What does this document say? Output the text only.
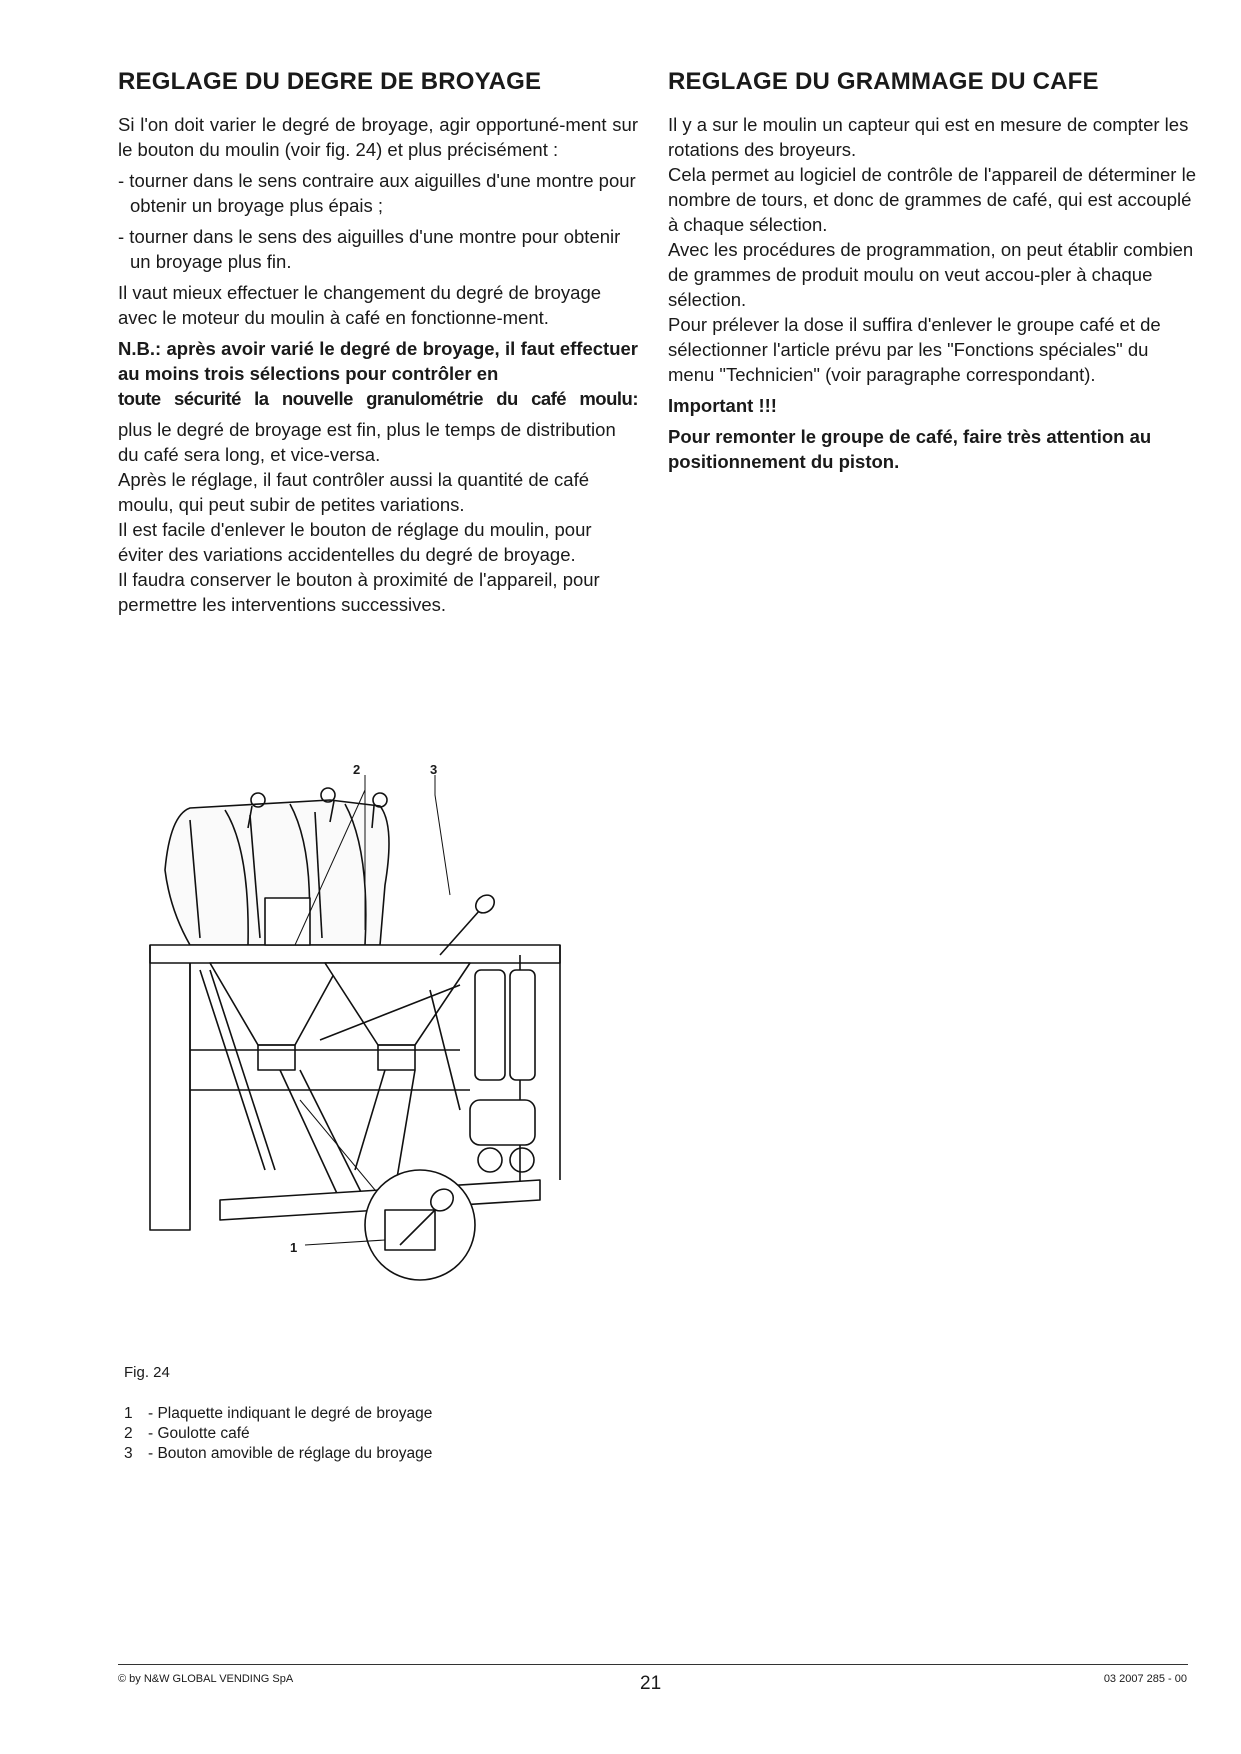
REGLAGE DU DEGRE DE BROYAGE

Si l'on doit varier le degré de broyage, agir opportuné-ment sur le bouton du moulin (voir fig. 24) et plus précisément :

- tourner dans le sens contraire aux aiguilles d'une montre pour obtenir un broyage plus épais ;

- tourner dans le sens des aiguilles d'une montre pour obtenir un broyage plus fin.

Il vaut mieux effectuer le changement du degré de broyage avec le moteur du moulin à café en fonctionne-ment.

N.B.: après avoir varié le degré de broyage, il faut effectuer au moins trois sélections pour contrôler en

toute sécurité la nouvelle granulométrie du café moulu:

plus le degré de broyage est fin, plus le temps de distribution du café sera long, et vice-versa.

Après le réglage, il faut contrôler aussi la quantité de café moulu, qui peut subir de petites variations.

Il est facile d'enlever le bouton de réglage du moulin, pour éviter des variations accidentelles du degré de broyage.

Il faudra conserver le bouton à proximité de l'appareil, pour permettre les interventions successives.

REGLAGE DU GRAMMAGE DU CAFE

Il y a sur le moulin un capteur qui est en mesure de compter les rotations des broyeurs.

Cela permet au logiciel de contrôle de l'appareil de déterminer le nombre de tours, et donc de grammes de café, qui est accouplé à chaque sélection.

Avec les procédures de programmation, on peut établir combien de grammes de produit moulu on veut accou-pler à chaque sélection.

Pour prélever la dose il suffira d'enlever le groupe café et de sélectionner l'article prévu par les "Fonctions spéciales" du menu "Technicien" (voir paragraphe correspondant).

Important !!!

Pour remonter le groupe de café, faire très attention au positionnement du piston.

2	3
1
Fig. 24
1 - Plaquette indiquant le degré de broyage
2 - Goulotte café
3 - Bouton amovible de réglage du broyage
© by N&W GLOBAL VENDING SpA	21	03 2007 285 - 00
